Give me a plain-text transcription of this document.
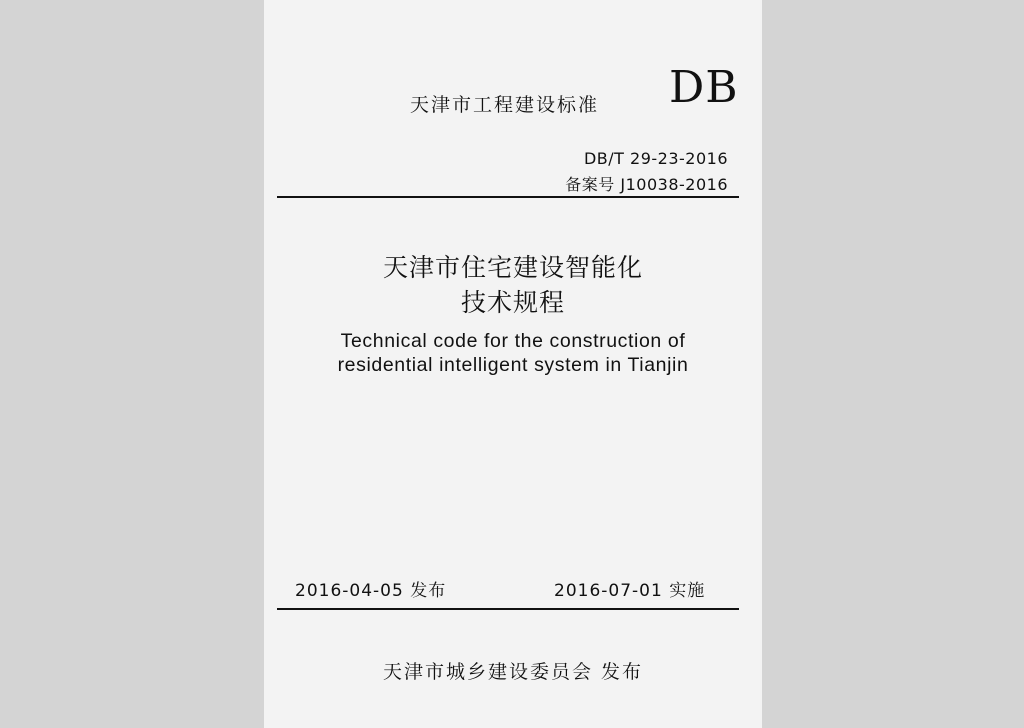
天津市工程建设标准 DB
DB/T 29-23-2016
备案号 J10038-2016
天津市住宅建设智能化
技术规程
Technical code for the construction of
residential intelligent system in Tianjin
2016-04-05 发布	2016-07-01 实施
天津市城乡建设委员会 发布
